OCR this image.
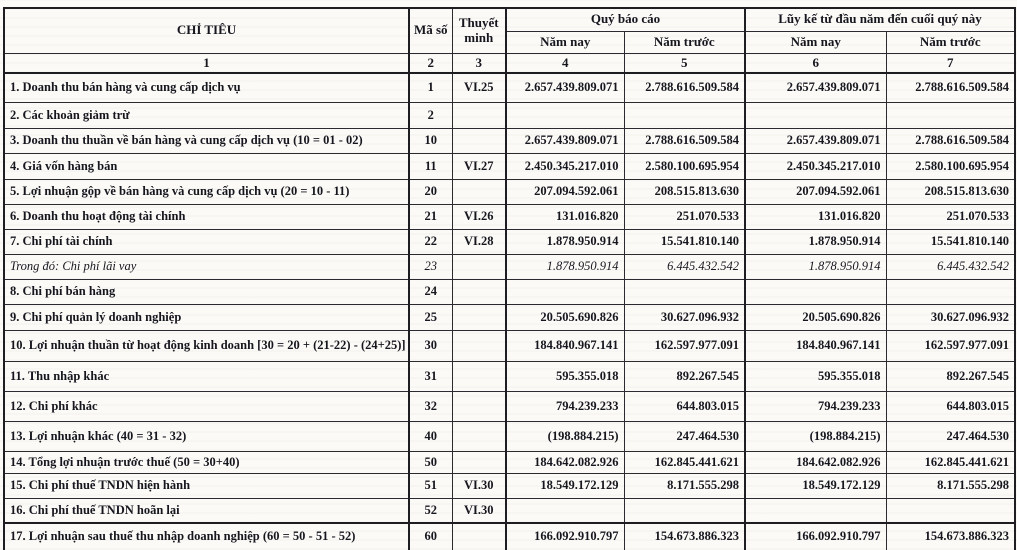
CHỈ TIÊU	Mã số	Thuyết minh	Quý báo cáo		Lũy kế từ đầu năm đến cuối quý này	
			Năm nay	Năm trước	Năm nay	Năm trước
1	2	3	4	5	6	7
1. Doanh thu bán hàng và cung cấp dịch vụ	1	VI.25	2.657.439.809.071	2.788.616.509.584	2.657.439.809.071	2.788.616.509.584
2. Các khoản giảm trừ	2					
3. Doanh thu thuần về bán hàng và cung cấp dịch vụ (10 = 01 - 02)	10		2.657.439.809.071	2.788.616.509.584	2.657.439.809.071	2.788.616.509.584
4. Giá vốn hàng bán	11	VI.27	2.450.345.217.010	2.580.100.695.954	2.450.345.217.010	2.580.100.695.954
5. Lợi nhuận gộp về bán hàng và cung cấp dịch vụ (20 = 10 - 11)	20		207.094.592.061	208.515.813.630	207.094.592.061	208.515.813.630
6. Doanh thu hoạt động tài chính	21	VI.26	131.016.820	251.070.533	131.016.820	251.070.533
7. Chi phí tài chính	22	VI.28	1.878.950.914	15.541.810.140	1.878.950.914	15.541.810.140
Trong đó: Chi phí lãi vay	23		1.878.950.914	6.445.432.542	1.878.950.914	6.445.432.542
8. Chi phí bán hàng	24					
9. Chi phí quản lý doanh nghiệp	25		20.505.690.826	30.627.096.932	20.505.690.826	30.627.096.932
10. Lợi nhuận thuần từ hoạt động kinh doanh [30 = 20 + (21-22) - (24+25)]	30		184.840.967.141	162.597.977.091	184.840.967.141	162.597.977.091
11. Thu nhập khác	31		595.355.018	892.267.545	595.355.018	892.267.545
12. Chi phí khác	32		794.239.233	644.803.015	794.239.233	644.803.015
13. Lợi nhuận khác (40 = 31 - 32)	40		(198.884.215)	247.464.530	(198.884.215)	247.464.530
14. Tổng lợi nhuận trước thuế (50 = 30+40)	50		184.642.082.926	162.845.441.621	184.642.082.926	162.845.441.621
15. Chi phí thuế TNDN hiện hành	51	VI.30	18.549.172.129	8.171.555.298	18.549.172.129	8.171.555.298
16. Chi phí thuế TNDN hoãn lại	52	VI.30				
17. Lợi nhuận sau thuế thu nhập doanh nghiệp (60 = 50 - 51 - 52)	60		166.092.910.797	154.673.886.323	166.092.910.797	154.673.886.323
